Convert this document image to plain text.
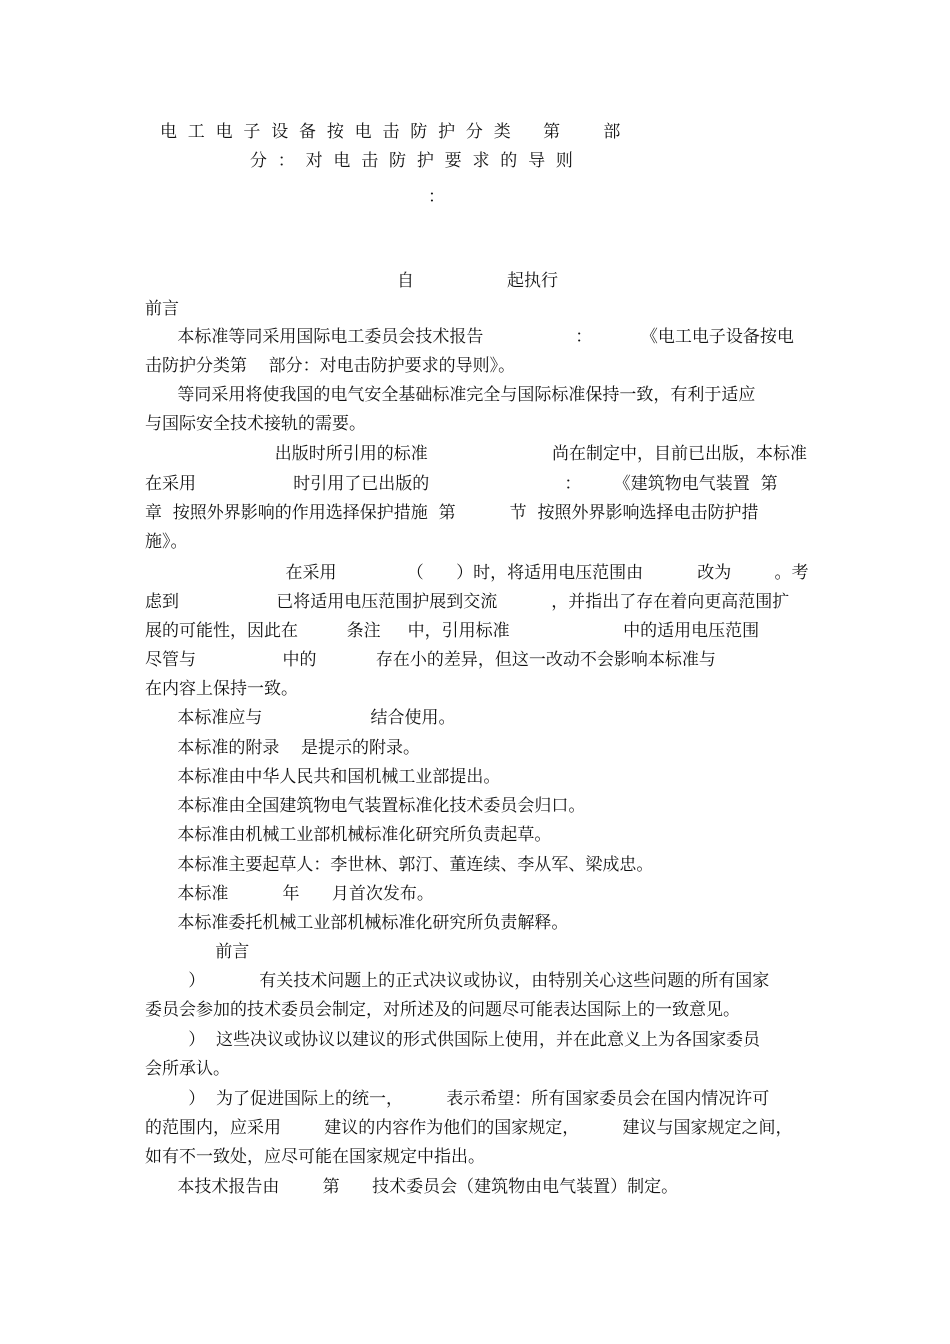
电  工  电  子  设  备  按  电  击  防  护  分  类      第        部
分  ：  对  电  击  防  护  要  求  的  导  则
：
自	起执行
前言
本标准等同采用国际电工委员会技术报告                 ：         《电工电子设备按电
击防护分类第    部分：对电击防护要求的导则》。
等同采用将使我国的电气安全基础标准完全与国际标准保持一致，有利于适应
与国际安全技术接轨的需要。
出版时所引用的标准                       尚在制定中，目前已出版，本标准
在采用                  时引用了已出版的                         ：      《建筑物电气装置  第
章  按照外界影响的作用选择保护措施  第          节  按照外界影响选择电击防护措
施》。
在采用             （      ）时，将适用电压范围由          改为        。考
虑到                  已将适用电压范围护展到交流          ，并指出了存在着向更高范围扩
展的可能性，因此在         条注     中，引用标准                     中的适用电压范围
尽管与                中的           存在小的差异，但这一改动不会影响本标准与
在内容上保持一致。
本标准应与                    结合使用。
本标准的附录    是提示的附录。
本标准由中华人民共和国机械工业部提出。
本标准由全国建筑物电气装置标准化技术委员会归口。
本标准由机械工业部机械标准化研究所负责起草。
本标准主要起草人：李世林、郭汀、董连续、李从军、梁成忠。
本标准          年      月首次发布。
本标准委托机械工业部机械标准化研究所负责解释。
前言
）          有关技术问题上的正式决议或协议，由特别关心这些问题的所有国家
委员会参加的技术委员会制定，对所述及的问题尽可能表达国际上的一致意见。
）  这些决议或协议以建议的形式供国际上使用，并在此意义上为各国家委员
会所承认。
）  为了促进国际上的统一，        表示希望：所有国家委员会在国内情况许可
的范围内，应采用        建议的内容作为他们的国家规定，        建议与国家规定之间，
如有不一致处，应尽可能在国家规定中指出。
本技术报告由        第      技术委员会（建筑物由电气装置）制定。
